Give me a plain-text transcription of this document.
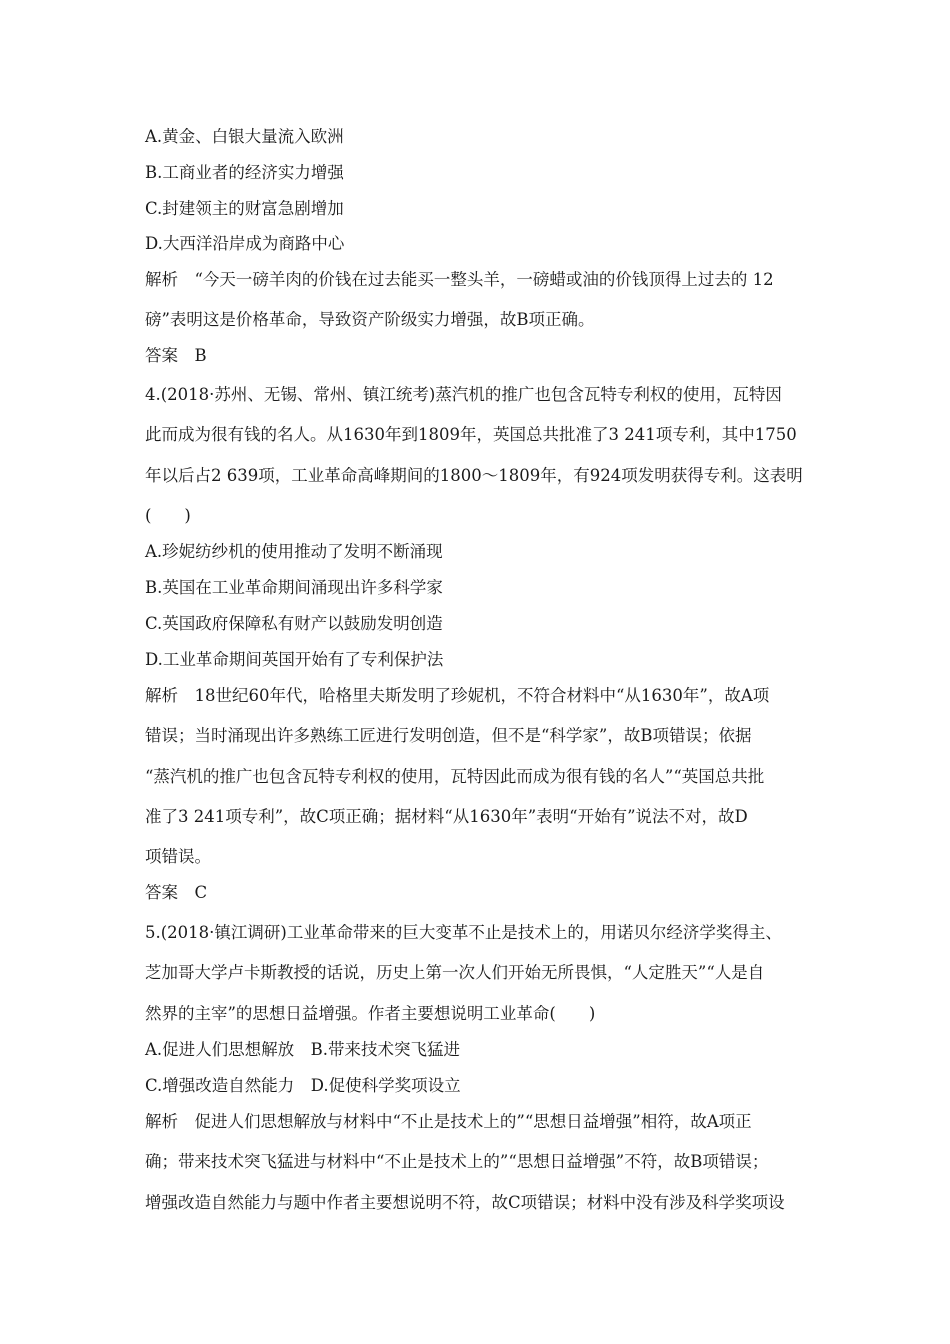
A.黄金、白银大量流入欧洲
B.工商业者的经济实力增强
C.封建领主的财富急剧增加
D.大西洋沿岸成为商路中心
解析　“今天一磅羊肉的价钱在过去能买一整头羊，一磅蜡或油的价钱顶得上过去的 12
磅”表明这是价格革命，导致资产阶级实力增强，故B项正确。
答案　B
4.(2018·苏州、无锡、常州、镇江统考)蒸汽机的推广也包含瓦特专利权的使用，瓦特因
此而成为很有钱的名人。从1630年到1809年，英国总共批准了3 241项专利，其中1750
年以后占2 639项，工业革命高峰期间的1800～1809年，有924项发明获得专利。这表明
(　　)
A.珍妮纺纱机的使用推动了发明不断涌现
B.英国在工业革命期间涌现出许多科学家
C.英国政府保障私有财产以鼓励发明创造
D.工业革命期间英国开始有了专利保护法
解析　18世纪60年代，哈格里夫斯发明了珍妮机，不符合材料中“从1630年”，故A项
错误；当时涌现出许多熟练工匠进行发明创造，但不是“科学家”，故B项错误；依据
“蒸汽机的推广也包含瓦特专利权的使用，瓦特因此而成为很有钱的名人”“英国总共批
准了3 241项专利”，故C项正确；据材料“从1630年”表明“开始有”说法不对，故D
项错误。
答案　C
5.(2018·镇江调研)工业革命带来的巨大变革不止是技术上的，用诺贝尔经济学奖得主、
芝加哥大学卢卡斯教授的话说，历史上第一次人们开始无所畏惧，“人定胜天”“人是自
然界的主宰”的思想日益增强。作者主要想说明工业革命(　　)
A.促进人们思想解放　B.带来技术突飞猛进
C.增强改造自然能力　D.促使科学奖项设立
解析　促进人们思想解放与材料中“不止是技术上的”“思想日益增强”相符，故A项正
确；带来技术突飞猛进与材料中“不止是技术上的”“思想日益增强”不符，故B项错误；
增强改造自然能力与题中作者主要想说明不符，故C项错误；材料中没有涉及科学奖项设
